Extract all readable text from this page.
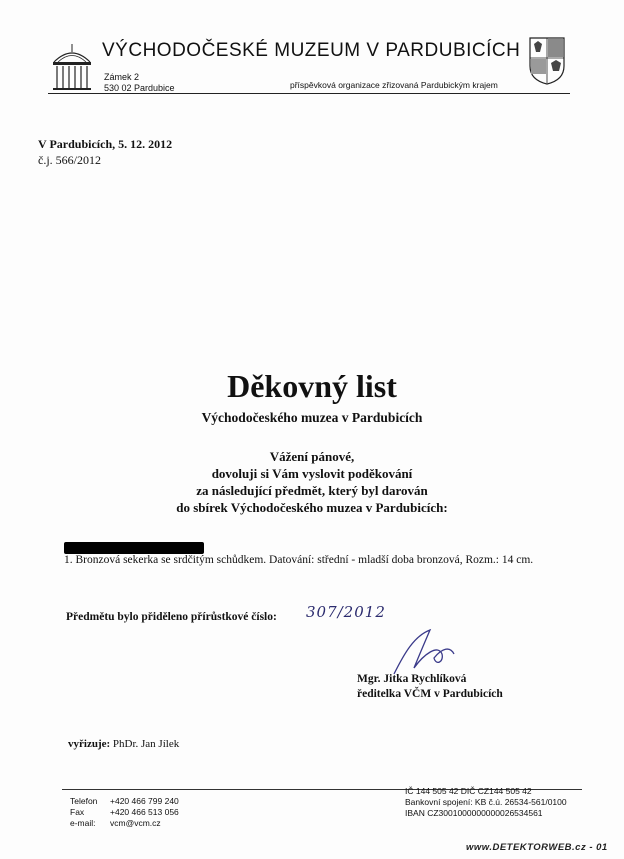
VÝCHODOČESKÉ MUZEUM V PARDUBICÍCH
Zámek 2
530 02 Pardubice	příspěvková organizace zřizovaná Pardubickým krajem
V Pardubicích, 5. 12. 2012
č.j. 566/2012
Děkovný list
Východočeského muzea v Pardubicích
Vážení pánové,
dovoluji si Vám vyslovit poděkování
za následující předmět, který byl darován
do sbírek Východočeského muzea v Pardubicích:
1. Bronzová sekerka se srdčitým schůdkem. Datování: střední - mladší doba bronzová, Rozm.: 14 cm.
Předmětu bylo přiděleno přírůstkové číslo: 307/2012
Mgr. Jitka Rychlíková
ředitelka VČM v Pardubicích
vyřizuje: PhDr. Jan Jílek
Telefon +420 466 799 240
Fax	+420 466 513 056
e-mail: vcm@vcm.cz
IČ 144 505 42 DIČ CZ144 505 42
Bankovní spojení: KB č.ú. 26534-561/0100
IBAN CZ3001000000000026534561
www.DETEKTORWEB.cz - 01
